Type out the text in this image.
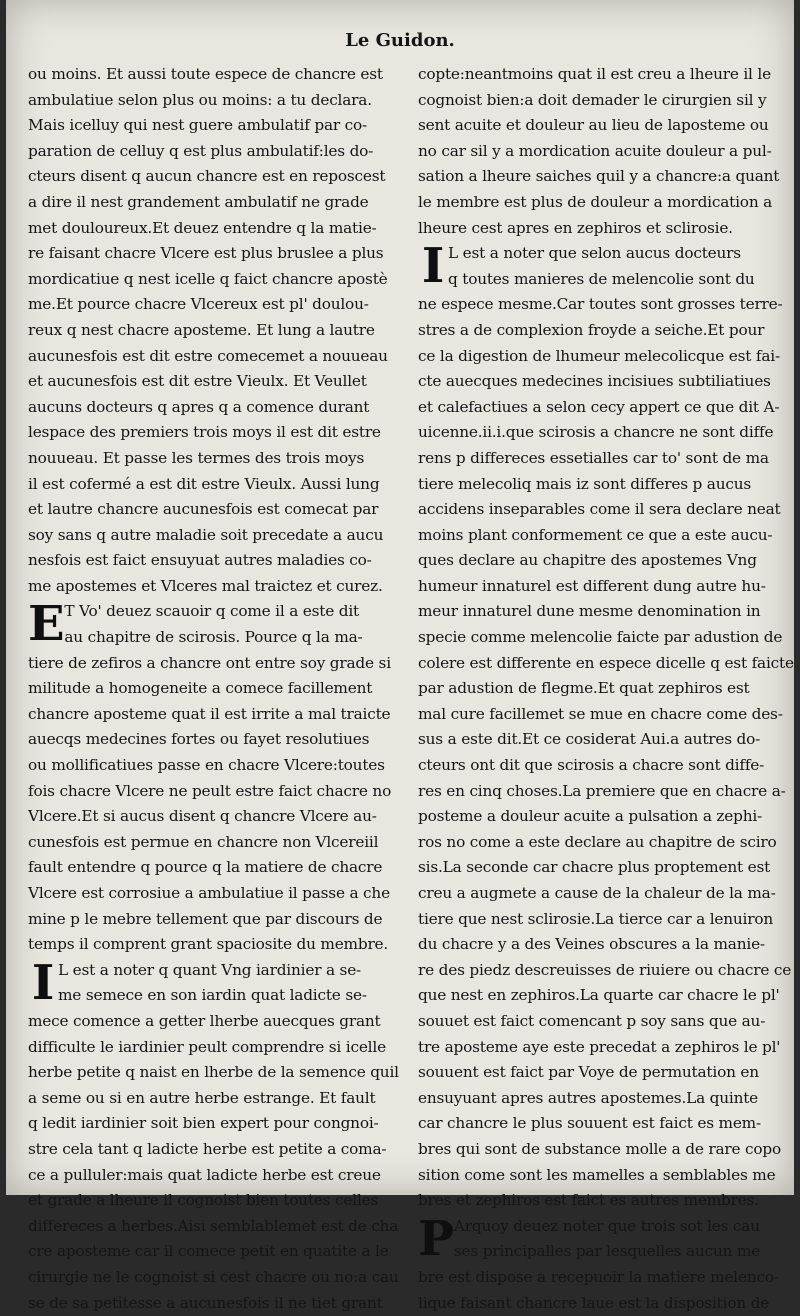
Le Guidon.
ou moins. Et aussi toute espece de chancre est
ambulatiue selon plus ou moins: a tu declara.
Mais icelluy qui nest guere ambulatif par co-
paration de celluy q est plus ambulatif:les do-
cteurs disent q aucun chancre est en reposcest
a dire il nest grandement ambulatif ne grade
met douloureux.Et deuez entendre q la matie-
re faisant chacre Vlcere est plus bruslee a plus
mordicatiue q nest icelle q faict chancre apostè
me.Et pource chacre Vlcereux est pl' doulou-
reux q nest chacre aposteme. Et lung a lautre
aucunesfois est dit estre comecemet a nouueau
et aucunesfois est dit estre Vieulx. Et Veullet
aucuns docteurs q apres q a comence durant
lespace des premiers trois moys il est dit estre
nouueau. Et passe les termes des trois moys
il est cofermé a est dit estre Vieulx. Aussi lung
et lautre chancre aucunesfois est comecat par
soy sans q autre maladie soit precedate a aucu
nesfois est faict ensuyuat autres maladies co-
me apostemes et Vlceres mal traictez et curez.
E T Vo' deuez scauoir q come il a este dit
au chapitre de scirosis. Pource q la ma-
tiere de zefiros a chancre ont entre soy grade si
militude a homogeneite a comece facillement
chancre aposteme quat il est irrite a mal traicte
auecqs medecines fortes ou fayet resolutiues
ou mollificatiues passe en chacre Vlcere:toutes
fois chacre Vlcere ne peult estre faict chacre no
Vlcere.Et si aucus disent q chancre Vlcere au-
cunesfois est permue en chancre non Vlcereiil
fault entendre q pource q la matiere de chacre
Vlcere est corrosiue a ambulatiue il passe a che
mine p le mebre tellement que par discours de
temps il comprent grant spaciosite du membre.
I L est a noter q quant Vng iardinier a se-
me semece en son iardin quat ladicte se-
mece comence a getter lherbe auecques grant
difficulte le iardinier peult comprendre si icelle
herbe petite q naist en lherbe de la semence quil
a seme ou si en autre herbe estrange. Et fault
q ledit iardinier soit bien expert pour congnoi-
stre cela tant q ladicte herbe est petite a coma-
ce a pulluler:mais quat ladicte herbe est creue
et grade a lheure il cognoist bien toutes celles
differeces a herbes.Aisi semblablemet est de cha
cre aposteme car il comece petit en quatite a le
cirurgie ne le cognoist si cest chacre ou no:a cau
se de sa petitesse a aucunesfois il ne tiet grant
copte:neantmoins quat il est creu a lheure il le
cognoist bien:a doit demader le cirurgien sil y
sent acuite et douleur au lieu de laposteme ou
no car sil y a mordication acuite douleur a pul-
sation a lheure saiches quil y a chancre:a quant
le membre est plus de douleur a mordication a
lheure cest apres en zephiros et sclirosie.
I L est a noter que selon aucus docteurs
q toutes manieres de melencolie sont du
ne espece mesme.Car toutes sont grosses terre-
stres a de complexion froyde a seiche.Et pour
ce la digestion de lhumeur melecolicque est fai-
cte auecques medecines incisiues subtiliatiues
et calefactiues a selon cecy appert ce que dit A-
uicenne.ii.i.que scirosis a chancre ne sont diffe
rens p differeces essetialles car to' sont de ma
tiere melecoliq mais iz sont differes p aucus
accidens inseparables come il sera declare neat
moins plant conformement ce que a este aucu-
ques declare au chapitre des apostemes Vng
humeur innaturel est different dung autre hu-
meur innaturel dune mesme denomination in
specie comme melencolie faicte par adustion de
colere est differente en espece dicelle q est faicte
par adustion de flegme.Et quat zephiros est
mal cure facillemet se mue en chacre come des-
sus a este dit.Et ce cosiderat Aui.a autres do-
cteurs ont dit que scirosis a chacre sont diffe-
res en cinq choses.La premiere que en chacre a-
posteme a douleur acuite a pulsation a zephi-
ros no come a este declare au chapitre de sciro
sis.La seconde car chacre plus proptement est
creu a augmete a cause de la chaleur de la ma-
tiere que nest sclirosie.La tierce car a lenuiron
du chacre y a des Veines obscures a la manie-
re des piedz descreuisses de riuiere ou chacre ce
que nest en zephiros.La quarte car chacre le pl'
souuet est faict comencant p soy sans que au-
tre aposteme aye este precedat a zephiros le pl'
souuent est faict par Voye de permutation en
ensuyuant apres autres apostemes.La quinte
car chancre le plus souuent est faict es mem-
bres qui sont de substance molle a de rare copo
sition come sont les mamelles a semblables me
bres et zephiros est faict es autres membres.
P Arquoy deuez noter que trois sot les cau
ses principalles par lesquelles aucun me
bre est dispose a recepuoir la matiere melenco-
lique faisant chancre laue est la disposition de
